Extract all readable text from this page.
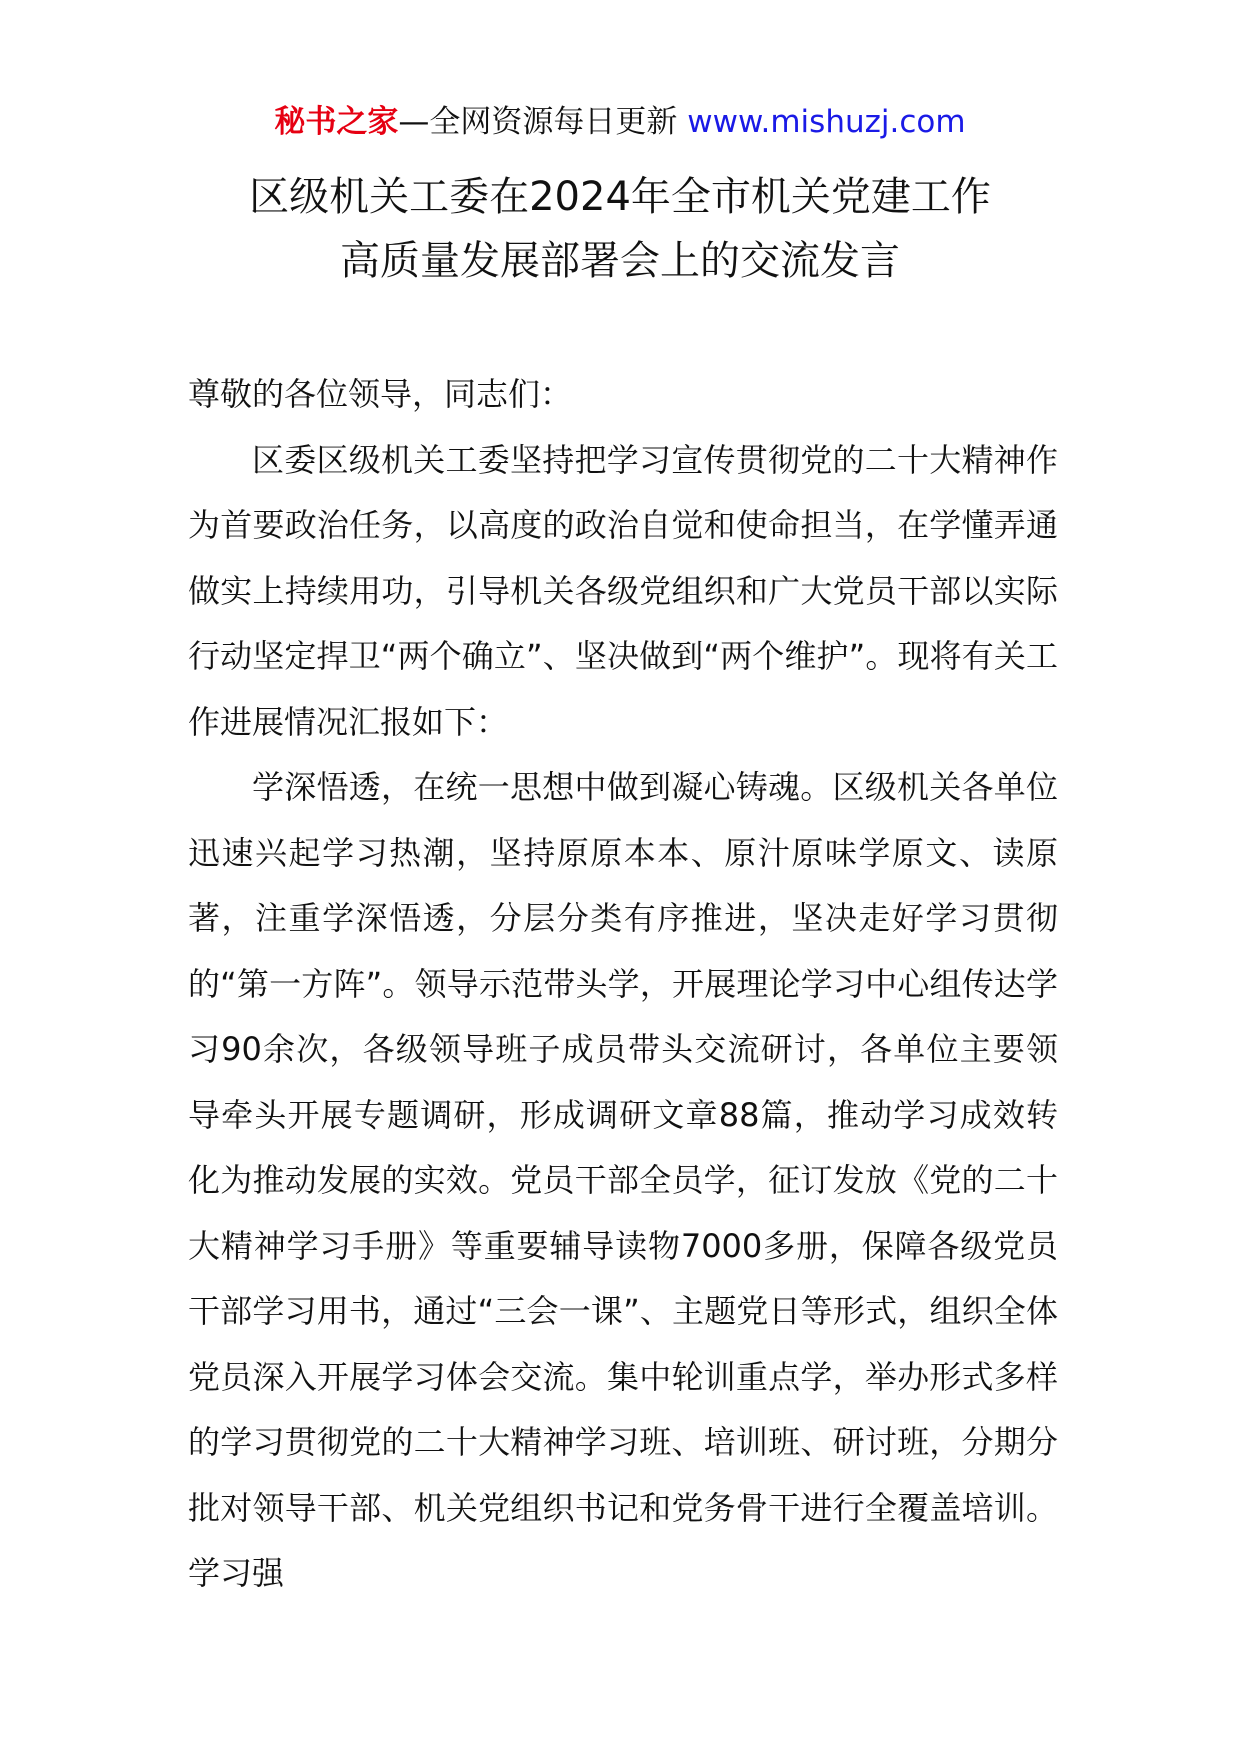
秘书之家—全网资源每日更新 www.mishuzj.com
区级机关工委在2024年全市机关党建工作
高质量发展部署会上的交流发言

尊敬的各位领导，同志们：

区委区级机关工委坚持把学习宣传贯彻党的二十大精神作为首要政治任务，以高度的政治自觉和使命担当，在学懂弄通做实上持续用功，引导机关各级党组织和广大党员干部以实际行动坚定捍卫“两个确立”、坚决做到“两个维护”。现将有关工作进展情况汇报如下：

学深悟透，在统一思想中做到凝心铸魂。区级机关各单位迅速兴起学习热潮，坚持原原本本、原汁原味学原文、读原著，注重学深悟透，分层分类有序推进，坚决走好学习贯彻的“第一方阵”。领导示范带头学，开展理论学习中心组传达学习90余次，各级领导班子成员带头交流研讨，各单位主要领导牵头开展专题调研，形成调研文章88篇，推动学习成效转化为推动发展的实效。党员干部全员学，征订发放《党的二十大精神学习手册》等重要辅导读物7000多册，保障各级党员干部学习用书，通过“三会一课”、主题党日等形式，组织全体党员深入开展学习体会交流。集中轮训重点学，举办形式多样的学习贯彻党的二十大精神学习班、培训班、研讨班，分期分批对领导干部、机关党组织书记和党务骨干进行全覆盖培训。学习强
